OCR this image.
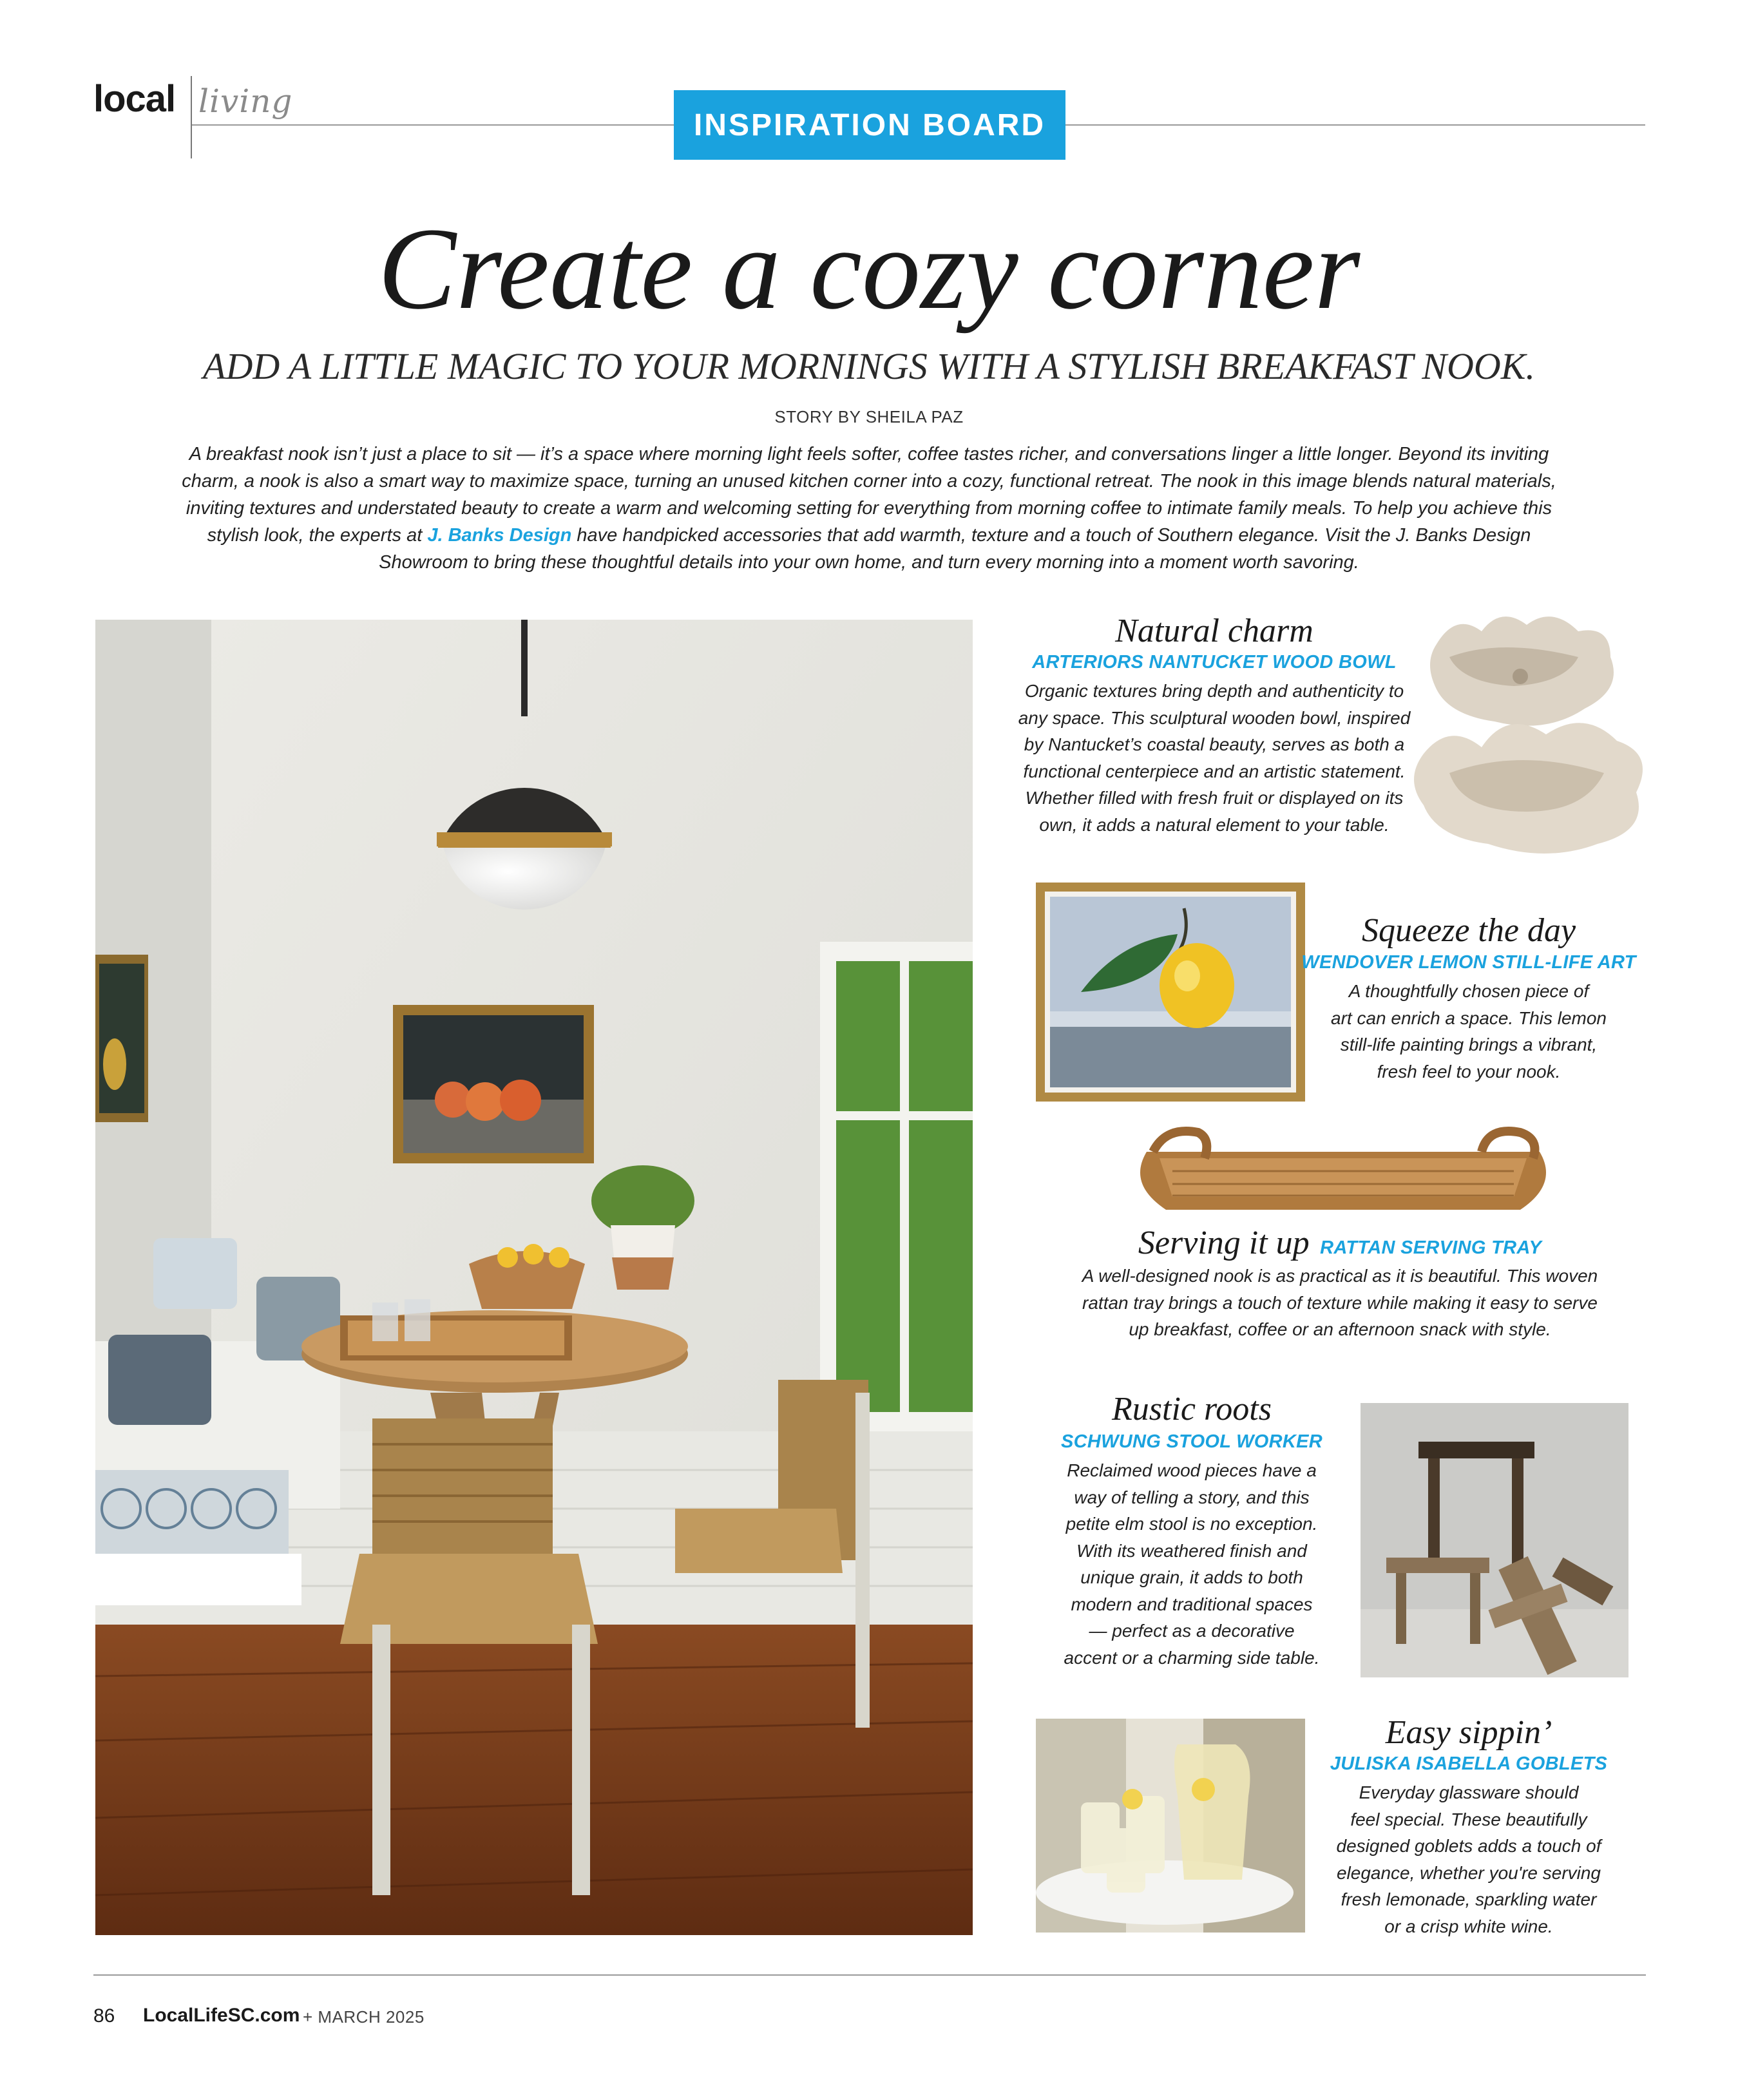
local living
INSPIRATION BOARD
Create a cozy corner
ADD A LITTLE MAGIC TO YOUR MORNINGS WITH A STYLISH BREAKFAST NOOK.
STORY BY SHEILA PAZ
A breakfast nook isn’t just a place to sit — it’s a space where morning light feels softer, coffee tastes richer, and conversations linger a little longer. Beyond its inviting charm, a nook is also a smart way to maximize space, turning an unused kitchen corner into a cozy, functional retreat. The nook in this image blends natural materials, inviting textures and understated beauty to create a warm and welcoming setting for everything from morning coffee to intimate family meals. To help you achieve this stylish look, the experts at J. Banks Design have handpicked accessories that add warmth, texture and a touch of Southern elegance. Visit the J. Banks Design Showroom to bring these thoughtful details into your own home, and turn every morning into a moment worth savoring.
Natural charm
ARTERIORS NANTUCKET WOOD BOWL
Organic textures bring depth and authenticity to
any space. This sculptural wooden bowl, inspired
by Nantucket’s coastal beauty, serves as both a
functional centerpiece and an artistic statement.
Whether filled with fresh fruit or displayed on its
own, it adds a natural element to your table.
Squeeze the day
WENDOVER LEMON STILL-LIFE ART
A thoughtfully chosen piece of
art can enrich a space. This lemon
still-life painting brings a vibrant,
fresh feel to your nook.
Serving it up RATTAN SERVING TRAY
A well-designed nook is as practical as it is beautiful. This woven
rattan tray brings a touch of texture while making it easy to serve
up breakfast, coffee or an afternoon snack with style.
Rustic roots
SCHWUNG STOOL WORKER
Reclaimed wood pieces have a
way of telling a story, and this
petite elm stool is no exception.
With its weathered finish and
unique grain, it adds to both
modern and traditional spaces
— perfect as a decorative
accent or a charming side table.
Easy sippin’
JULISKA ISABELLA GOBLETS
Everyday glassware should
feel special. These beautifully
designed goblets adds a touch of
elegance, whether you're serving
fresh lemonade, sparkling water
or a crisp white wine.
86 LocalLifeSC.com + MARCH 2025
